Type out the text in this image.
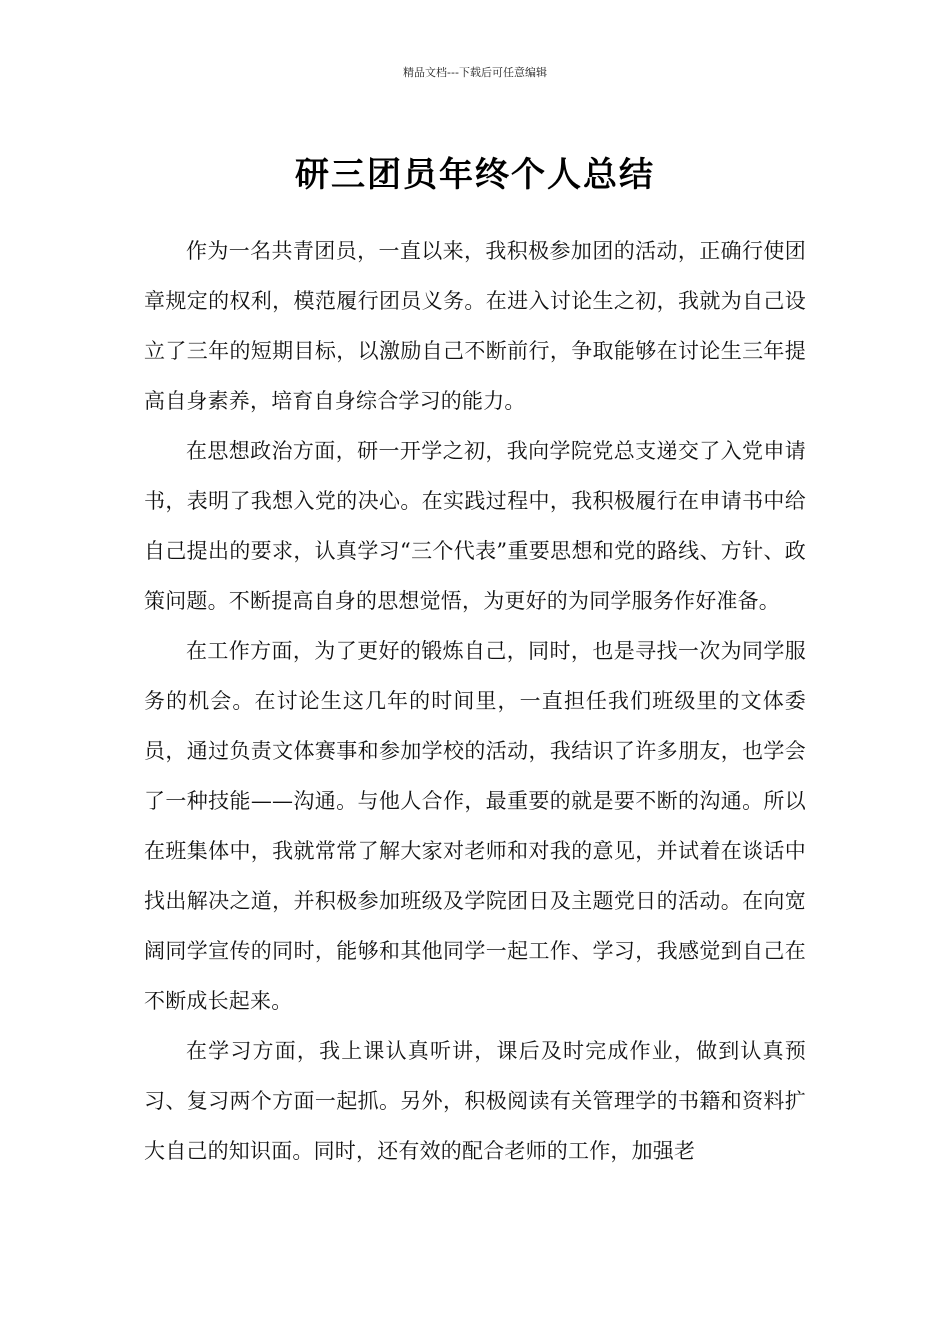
精品文档---下载后可任意编辑
研三团员年终个人总结

作为一名共青团员，一直以来，我积极参加团的活动，正确行使团章规定的权利，模范履行团员义务。在进入讨论生之初，我就为自己设立了三年的短期目标，以激励自己不断前行，争取能够在讨论生三年提高自身素养，培育自身综合学习的能力。

在思想政治方面，研一开学之初，我向学院党总支递交了入党申请书，表明了我想入党的决心。在实践过程中，我积极履行在申请书中给自己提出的要求，认真学习“三个代表”重要思想和党的路线、方针、政策问题。不断提高自身的思想觉悟，为更好的为同学服务作好准备。

在工作方面，为了更好的锻炼自己，同时，也是寻找一次为同学服务的机会。在讨论生这几年的时间里，一直担任我们班级里的文体委员，通过负责文体赛事和参加学校的活动，我结识了许多朋友，也学会了一种技能——沟通。与他人合作，最重要的就是要不断的沟通。所以在班集体中，我就常常了解大家对老师和对我的意见，并试着在谈话中找出解决之道，并积极参加班级及学院团日及主题党日的活动。在向宽阔同学宣传的同时，能够和其他同学一起工作、学习，我感觉到自己在不断成长起来。

在学习方面，我上课认真听讲，课后及时完成作业，做到认真预习、复习两个方面一起抓。另外，积极阅读有关管理学的书籍和资料扩大自己的知识面。同时，还有效的配合老师的工作，加强老
